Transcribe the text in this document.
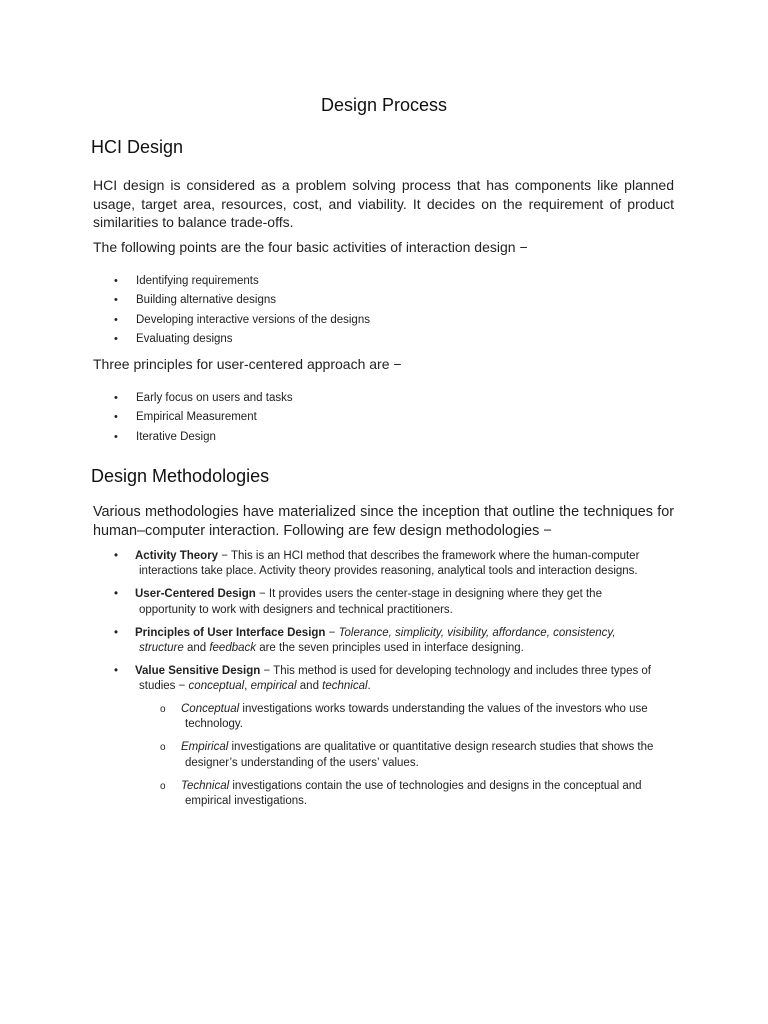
Design Process
HCI Design

HCI design is considered as a problem solving process that has components like planned usage, target area, resources, cost, and viability. It decides on the requirement of product similarities to balance trade-offs.

The following points are the four basic activities of interaction design −

• Identifying requirements
• Building alternative designs
• Developing interactive versions of the designs
• Evaluating designs

Three principles for user-centered approach are −

• Early focus on users and tasks
• Empirical Measurement
• Iterative Design
Design Methodologies

Various methodologies have materialized since the inception that outline the techniques for human–computer interaction. Following are few design methodologies −

• Activity Theory − This is an HCI method that describes the framework where the human-computer
interactions take place. Activity theory provides reasoning, analytical tools and interaction designs.
• User-Centered Design − It provides users the center-stage in designing where they get the
opportunity to work with designers and technical practitioners.
• Principles of User Interface Design − Tolerance, simplicity, visibility, affordance, consistency,
structure and feedback are the seven principles used in interface designing.
• Value Sensitive Design − This method is used for developing technology and includes three types of
studies − conceptual, empirical and technical.
o Conceptual investigations works towards understanding the values of the investors who use
technology.
o Empirical investigations are qualitative or quantitative design research studies that shows the
designer’s understanding of the users’ values.
o Technical investigations contain the use of technologies and designs in the conceptual and
empirical investigations.
